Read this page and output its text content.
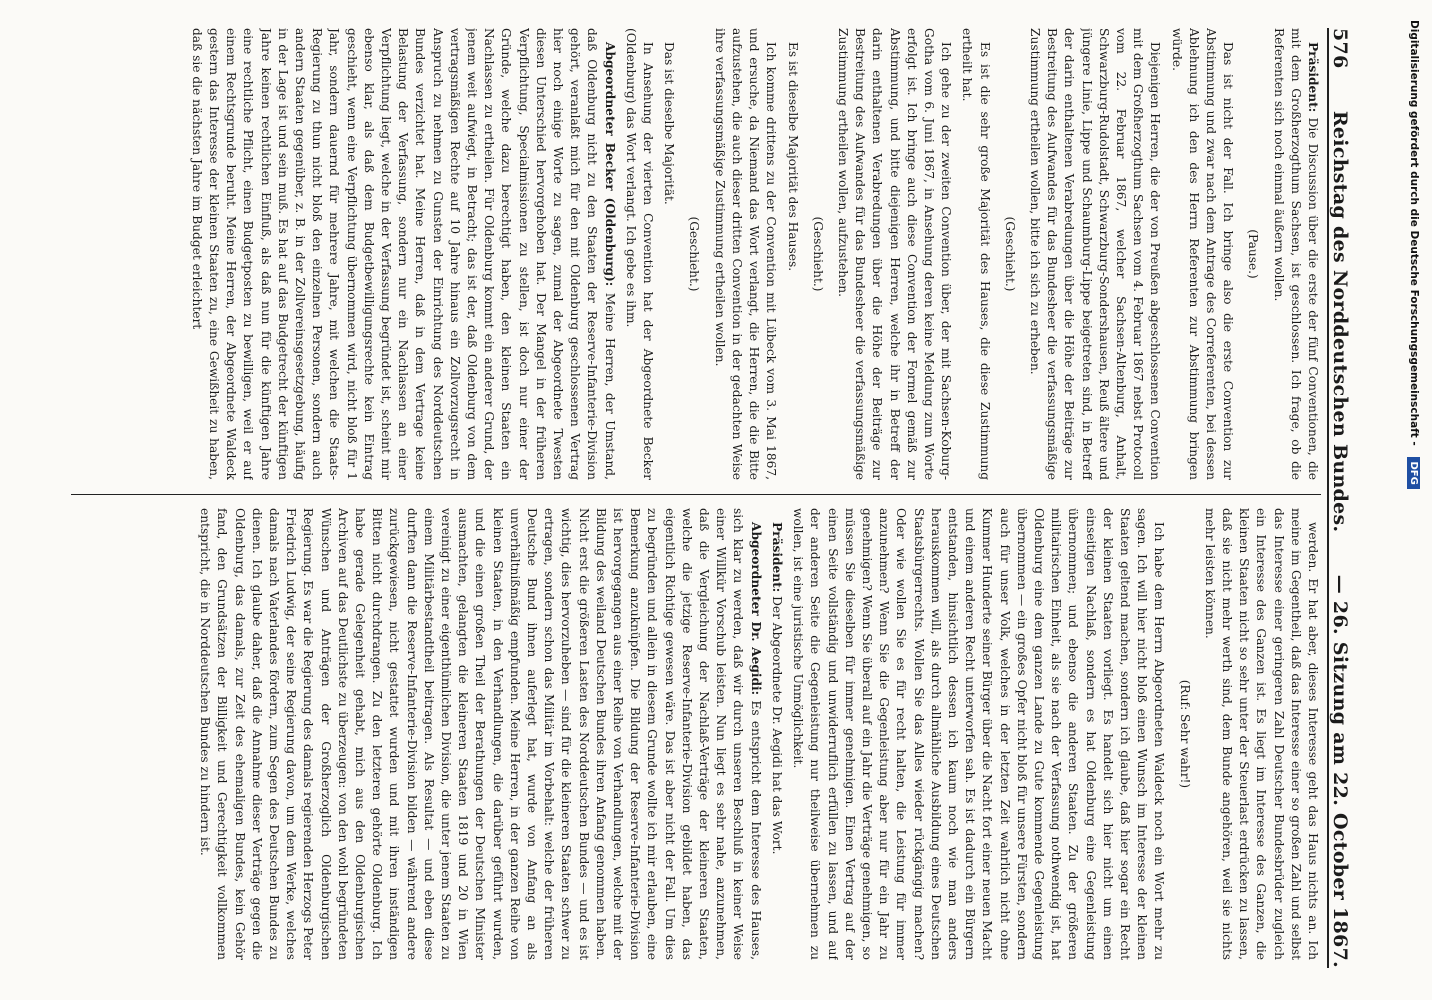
576
Reichstag des Norddeutschen Bundes.
— 26. Sitzung am 22. October 1867.

Präsident: Die Discussion über die erste der fünf Conventionen, die mit dem Großherzogthum Sachsen, ist geschlossen. Ich frage, ob die Referenten sich noch einmal äußern wollen.

(Pause.)

Das ist nicht der Fall. Ich bringe also die erste Convention zur Abstimmung und zwar nach dem Antrage des Correferenten, bei dessen Ablehnung ich den des Herrn Referenten zur Abstimmung bringen würde.

Diejenigen Herren, die der von Preußen abgeschlossenen Convention mit dem Großherzogthum Sachsen vom 4. Februar 1867 nebst Protocoll vom 22. Februar 1867, welcher Sachsen-Altenburg, Anhalt, Schwarzburg-Rudolstadt, Schwarzburg-Sondershausen, Reuß ältere und jüngere Linie, Lippe und Schaumburg-Lippe beigetreten sind, in Betreff der darin enthaltenen Verabredungen über die Höhe der Beiträge zur Bestreitung des Aufwandes für das Bundesheer die verfassungsmäßige Zustimmung ertheilen wollen, bitte ich sich zu erheben.

(Geschieht.)

Es ist die sehr große Majorität des Hauses, die diese Zustimmung ertheilt hat.

Ich gehe zu der zweiten Convention über, der mit Sachsen-Koburg-Gotha vom 6. Juni 1867, in Ansehung deren keine Meldung zum Worte erfolgt ist. Ich bringe auch diese Convention der Formel gemäß zur Abstimmung, und bitte diejenigen Herren, welche ihr in Betreff der darin enthaltenen Verabredungen über die Höhe der Beiträge zur Bestreitung des Aufwandes für das Bundesheer die verfassungsmäßige Zustimmung ertheilen wollen, aufzustehen.

(Geschieht.)

Es ist dieselbe Majorität des Hauses.

Ich komme drittens zu der Convention mit Lübeck vom 3. Mai 1867, und ersuche, da Niemand das Wort verlangt, die Herren, die die Bitte aufzustehen, die auch dieser dritten Convention in der gedachten Weise ihre verfassungsmäßige Zustimmung ertheilen wollen.

(Geschieht.)

Das ist dieselbe Majorität.

In Ansehung der vierten Convention hat der Abgeordnete Becker (Oldenburg) das Wort verlangt. Ich gebe es ihm.

Abgeordneter Becker (Oldenburg): Meine Herren, der Umstand, daß Oldenburg nicht zu den Staaten der Reserve-Infanterie-Division gehört, veranlaßt mich für den mit Oldenburg geschlossenen Vertrag hier noch einige Worte zu sagen, zumal der Abgeordnete Twesten diesen Unterschied hervorgehoben hat. Der Mangel in der früheren Verpflichtung, Specialmissionen zu stellen, ist doch nur einer der Gründe, welche dazu berechtigt haben, den kleinen Staaten ein Nachlassen zu ertheilen. Für Oldenburg kommt ein anderer Grund, der jenem weit aufwiegt, in Betracht; das ist der, daß Oldenburg von dem vertragsmäßigen Rechte auf 10 Jahre hinaus ein Zollvorzugsrecht in Anspruch zu nehmen zu Gunsten der Einrichtung des Norddeutschen Bundes verzichtet hat. Meine Herren, daß in dem Vertrage keine Belastung der Verfassung, sondern nur ein Nachlassen an einer Verpflichtung liegt, welche in der Verfassung begründet ist, scheint mir ebenso klar, als daß dem Budgetbewilligungsrechte kein Eintrag geschieht, wenn eine Verpflichtung übernommen wird, nicht bloß für 1 Jahr, sondern dauernd für mehrere Jahre, mit welchen die Staats-Regierung zu thun nicht bloß den einzelnen Personen, sondern auch andern Staaten gegenüber, z. B. in der Zollvereinsgesetzgebung, häufig in der Lage ist und sein muß. Es hat auf das Budgetrecht der künftigen Jahre keinen rechtlichen Einfluß, als daß nun für die künftigen Jahre eine rechtliche Pflicht, einen Budgetposten zu bewilligen, weil er auf einem Rechtsgrunde beruht. Meine Herren, der Abgeordnete Waldeck gestern das Interesse der kleinen Staaten zu, eine Gewißheit zu haben, daß sie die nächsten Jahre im Budget erleichtert

werden. Er hat aber, dieses Interesse geht das Haus nichts an. Ich meine im Gegentheil, daß das Interesse einer so großen Zahl und selbst das Interesse einer geringeren Zahl Deutscher Bundesbrüder zugleich ein Interesse des Ganzen ist. Es liegt im Interesse des Ganzen, die kleinen Staaten nicht so sehr unter der Steuerlast erdrücken zu lassen, daß sie nicht mehr werth sind, dem Bunde angehören, weil sie nichts mehr leisten können.

(Ruf: Sehr wahr!)

Ich habe dem Herrn Abgeordneten Waldeck noch ein Wort mehr zu sagen. Ich will hier nicht bloß einen Wunsch im Interesse der kleinen Staaten geltend machen, sondern ich glaube, daß hier sogar ein Recht der kleinen Staaten vorliegt. Es handelt sich hier nicht um einen einseitigen Nachlaß, sondern es hat Oldenburg eine Gegenleistung übernommen; und ebenso die anderen Staaten. Zu der größeren militairischen Einheit, als sie nach der Verfassung nothwendig ist, hat Oldenburg eine dem ganzen Lande zu Gute kommende Gegenleistung übernommen — ein großes Opfer nicht bloß für unsere Fürsten, sondern auch für unser Volk, welches in der letzten Zeit wahrlich nicht ohne Kummer Hunderte seiner Bürger über die Nacht fort einer neuen Macht und einem anderen Recht unterworfen sah. Es ist dadurch ein Bürgern entstanden, hinsichtlich dessen ich kaum noch wie man anders herauskommen will, als durch allmähliche Ausbildung eines Deutschen Staatsbürgerrechts. Wollen Sie das Alles wieder rückgängig machen? Oder wie wollen Sie es für recht halten, die Leistung für immer anzunehmen? Wenn Sie die Gegenleistung aber nur für ein Jahr zu genehmigen? Wenn Sie überall auf ein Jahr die Verträge genehmigen, so müssen Sie dieselben für immer genehmigen. Einen Vertrag auf der einen Seite vollständig und unwiderruflich erfüllen zu lassen, und auf der anderen Seite die Gegenleistung nur theilweise übernehmen zu wollen, ist eine juristische Unmöglichkeit.

Präsident: Der Abgeordnete Dr. Aegidi hat das Wort.

Abgeordneter Dr. Aegidi: Es entspricht dem Interesse des Hauses, sich klar zu werden, daß wir durch unseren Beschluß in keiner Weise einer Willkür Vorschub leisten. Nun liegt es sehr nahe, anzunehmen, daß die Vergleichung der Nachlaß-Verträge der kleineren Staaten, welche die jetzige Reserve-Infanterie-Division gebildet haben, das eigentlich Richtige gewesen wäre. Das ist aber nicht der Fall. Um dies zu begründen und allein in diesem Grunde wollte ich mir erlauben, eine Bemerkung anzuknüpfen. Die Bildung der Reserve-Infanterie-Division ist hervorgegangen aus einer Reihe von Verhandlungen, welche mit der Bildung des weiland Deutschen Bundes ihren Anfang genommen haben. Nicht erst die größeren Lasten des Norddeutschen Bundes — und es ist wichtig, dies hervorzuheben — sind für die kleineren Staaten schwer zu ertragen, sondern schon das Militär im Vorbehalt: welche der früheren Deutsche Bund ihnen auferlegt hat, wurde von Anfang an als unverhältnißmäßig empfunden. Meine Herren, in der ganzen Reihe von kleinen Staaten, in den Verhandlungen, die darüber geführt wurden, und die einen großen Theil der Berathungen der Deutschen Minister ausmachten, gelangten die kleineren Staaten 1819 und 20 in Wien vereinigt zu einer eigenthümlichen Division, die unter jenem Staaten zu einem Militärbestandtheil beitragen. Als Resultat — und eben diese durften dann die Reserve-Infanterie-Division bilden — während andere zurückgewiesen, nicht gestattet wurden und mit ihren inständigen Bitten nicht durchdrangen. Zu den letzteren gehörte Oldenburg. Ich habe gerade Gelegenheit gehabt, mich aus den Oldenburgischen Archiven auf das Deutlichste zu überzeugen: von den wohl begründeten Wünschen und Anträgen der Großherzoglich Oldenburgischen Regierung. Es war die Regierung des damals regierenden Herzogs Peter Friedrich Ludwig, der seine Regierung davon, um dem Werke, welches damals nach Vaterlandes fördern, zum Segen des Deutschen Bundes zu dienen. Ich glaube daher, daß die Annahme dieser Verträge gegen die Oldenburg, das damals, zur Zeit des ehemaligen Bundes, kein Gehör fand, den Grundsätzen der Billigkeit und Gerechtigkeit vollkommen entspricht, die in Norddeutschen Bundes zu hindern ist.

Digitalisierung gefördert durch die Deutsche Forschungsgemeinschaft - DFG
